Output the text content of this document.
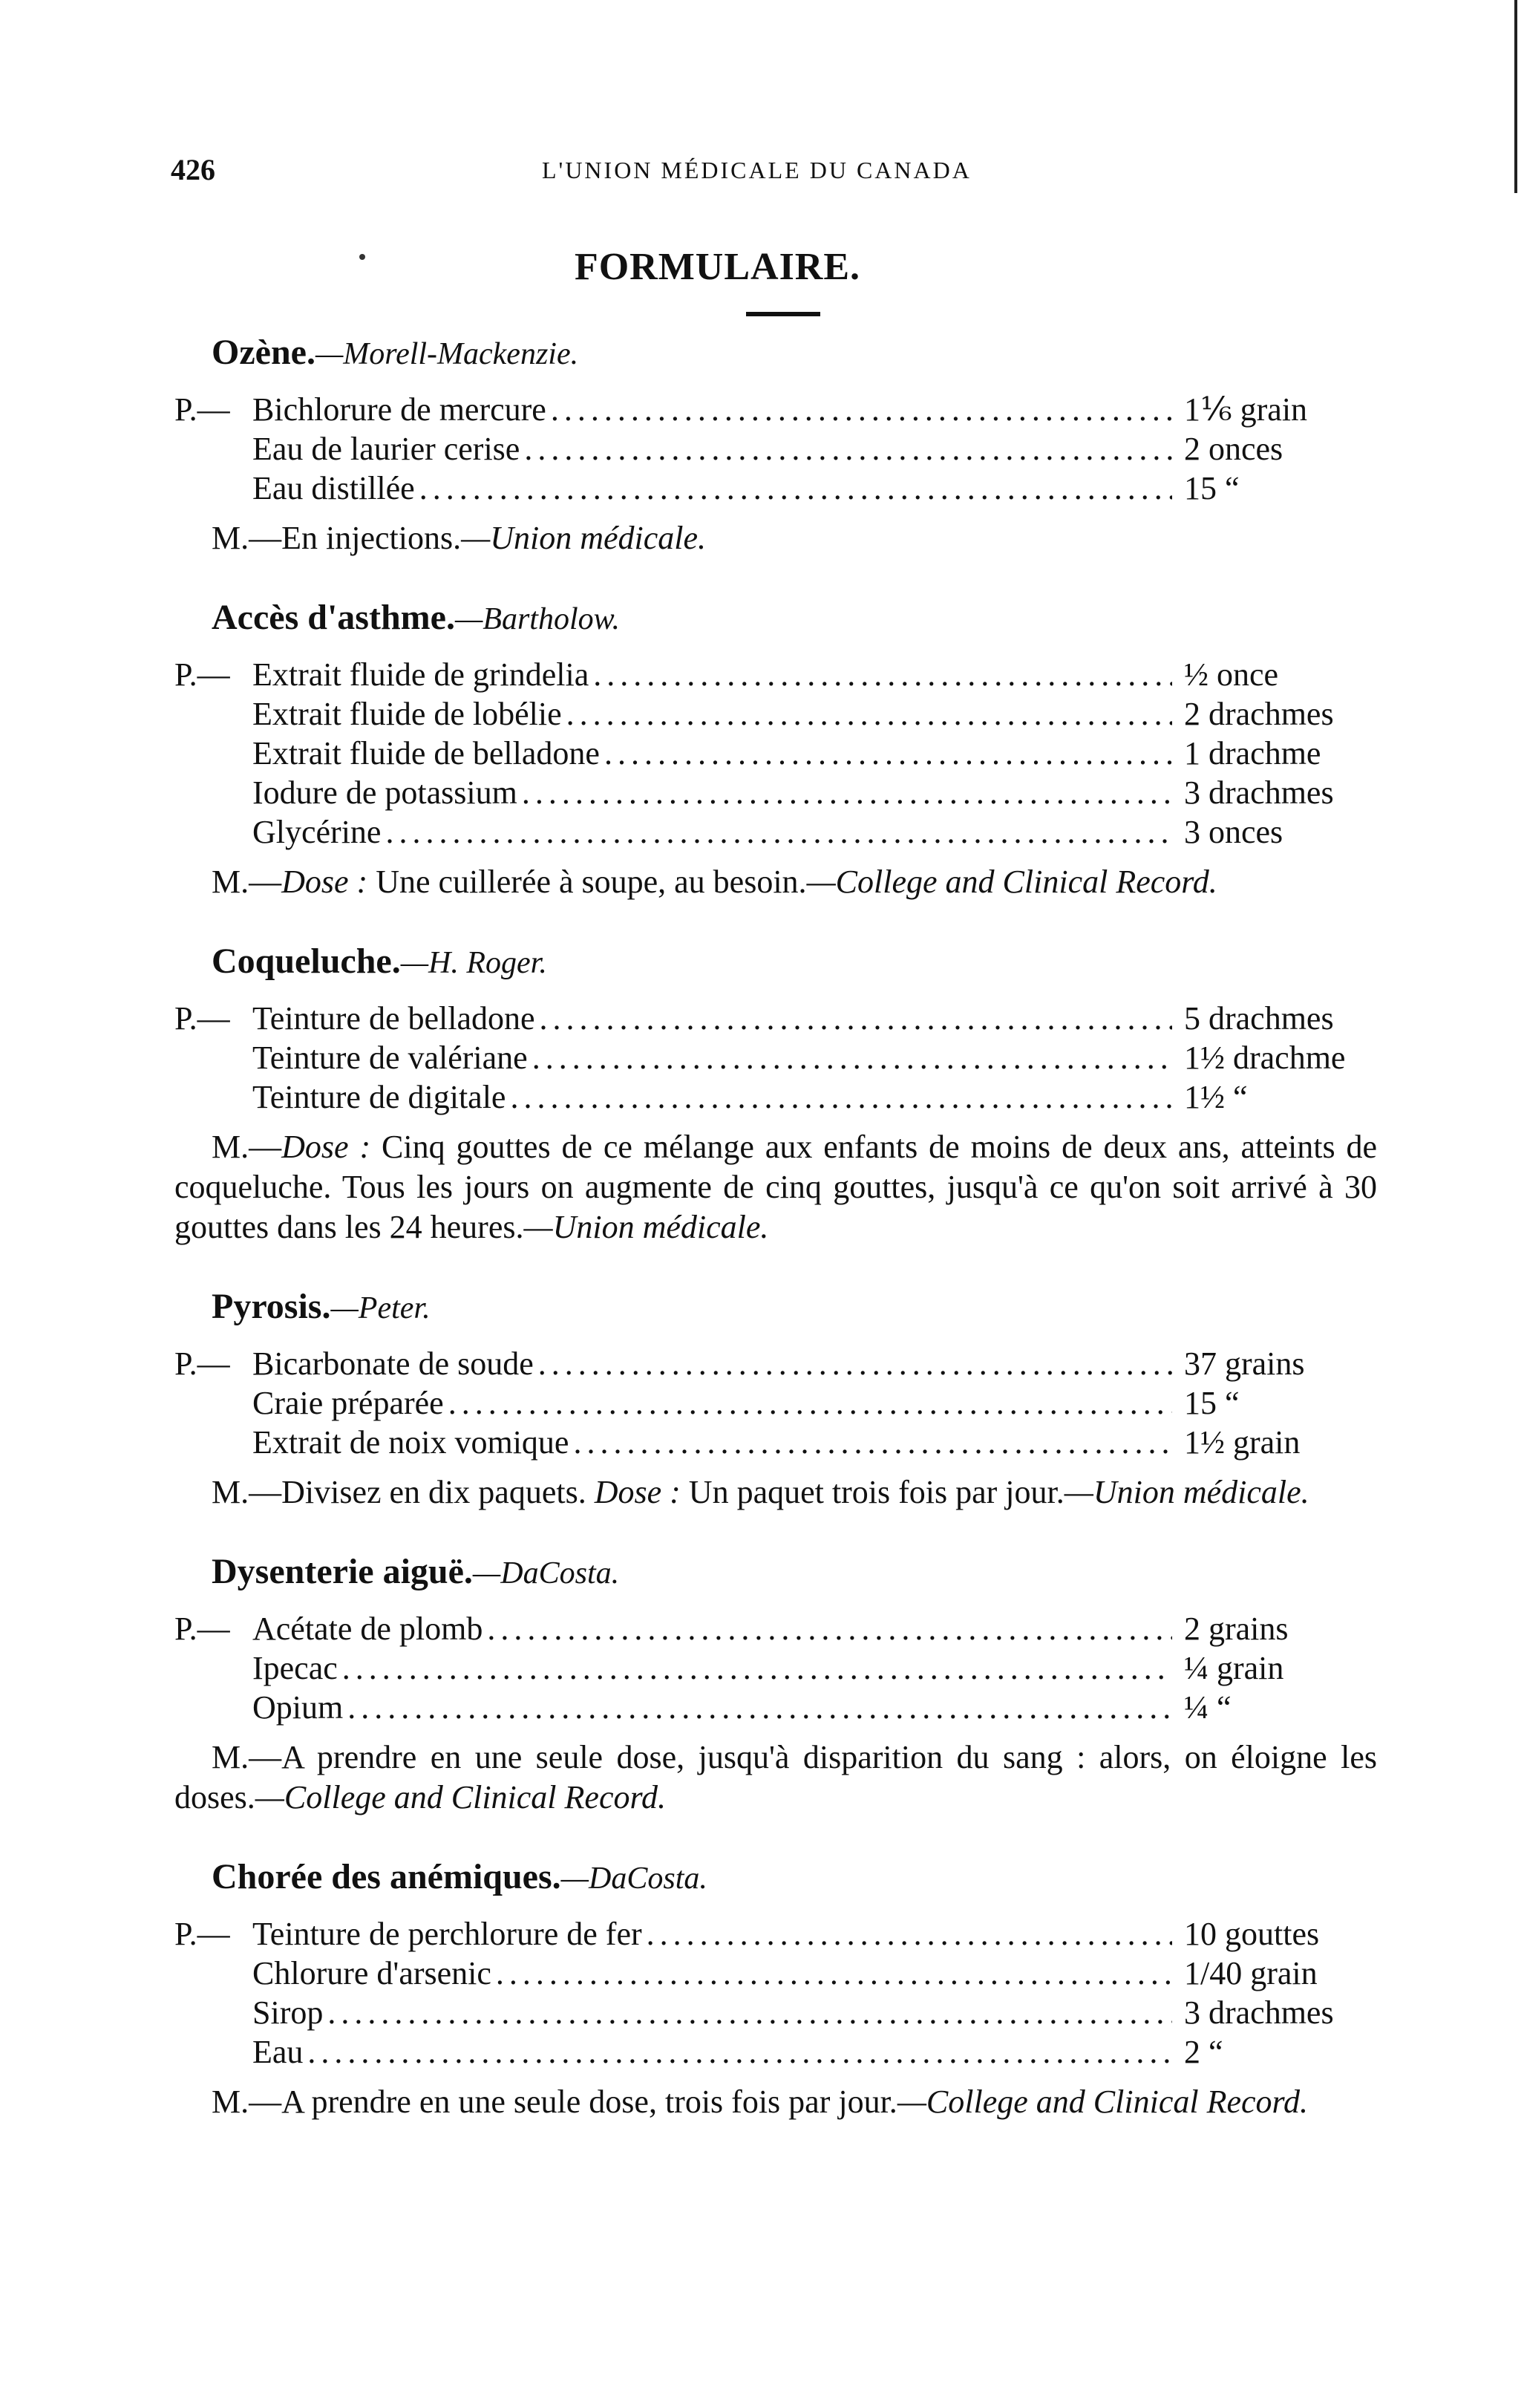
426	L'UNION MÉDICALE DU CANADA
FORMULAIRE.
Ozène.—Morell-Mackenzie.
P.— Bichlorure de mercure . . .	1⅙ grain
Eau de laurier cerise . . .	2 onces
Eau distillée . . .	15 “
M.—En injections.—Union médicale.
Accès d'asthme.—Bartholow.
P.— Extrait fluide de grindelia . . .	½ once
Extrait fluide de lobélie . . .	2 drachmes
Extrait fluide de belladone . . .	1 drachme
Iodure de potassium . . .	3 drachmes
Glycérine . . .	3 onces
M.—Dose : Une cuillerée à soupe, au besoin.—College and Clinical Record.
Coqueluche.—H. Roger.
P.— Teinture de belladone . . .	5 drachmes
Teinture de valériane . . .	1½ drachme
Teinture de digitale . . .	1½ “
M.—Dose : Cinq gouttes de ce mélange aux enfants de moins de deux ans, atteints de coqueluche. Tous les jours on augmente de cinq gouttes, jusqu'à ce qu'on soit arrivé à 30 gouttes dans les 24 heures.—Union médicale.
Pyrosis.—Peter.
P.— Bicarbonate de soude . . .	37 grains
Craie préparée . . .	15 “
Extrait de noix vomique . . .	1½ grain
M.—Divisez en dix paquets. Dose : Un paquet trois fois par jour.—Union médicale.
Dysenterie aiguë.—DaCosta.
P.— Acétate de plomb . . .	2 grains
Ipecac . . .	¼ grain
Opium . . .	¼ “
M.—A prendre en une seule dose, jusqu'à disparition du sang : alors, on éloigne les doses.—College and Clinical Record.
Chorée des anémiques.—DaCosta.
P.— Teinture de perchlorure de fer . . .	10 gouttes
Chlorure d'arsenic . . .	1/40 grain
Sirop . . .	3 drachmes
Eau . . .	2 “
M.—A prendre en une seule dose, trois fois par jour.—College and Clinical Record.
